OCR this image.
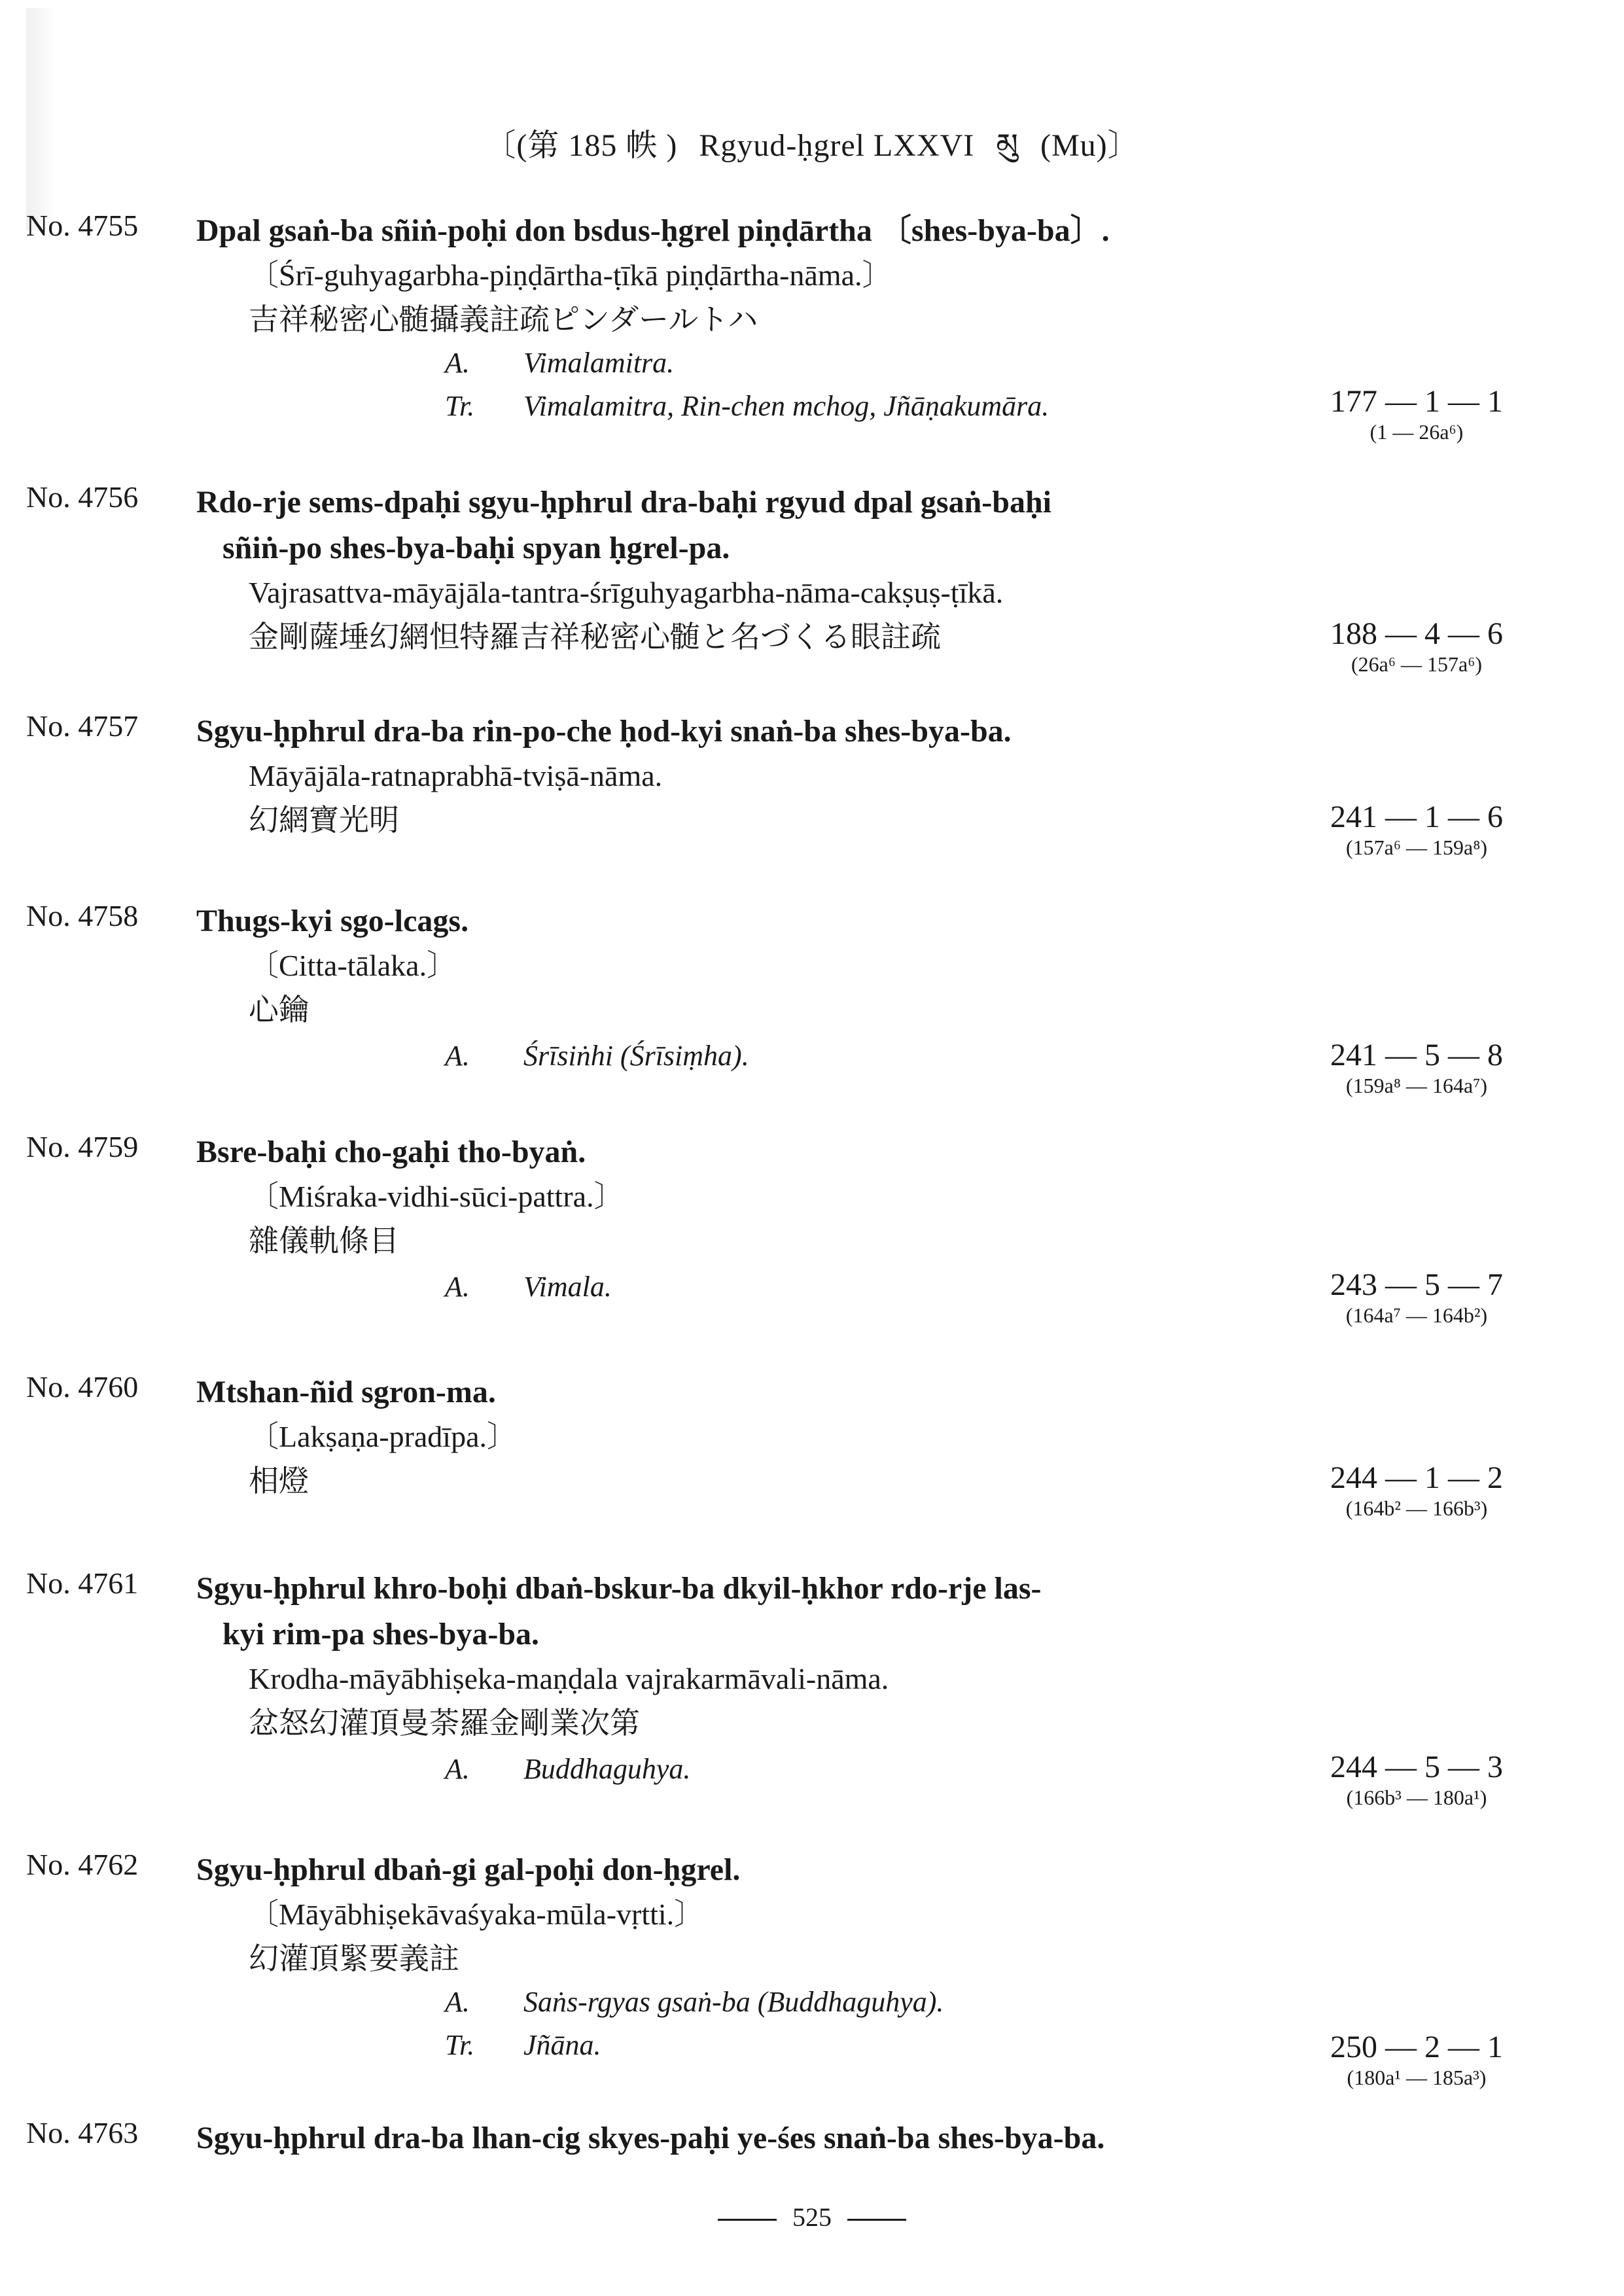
〔(第 185 帙 ) Rgyud-ḥgrel LXXVI མུ (Mu)〕
No. 4755	Dpal gsaṅ-ba sñiṅ-poḥi don bsdus-ḥgrel piṇḍārtha 〔shes-bya-ba〕.
〔Śrī-guhyagarbha-piṇḍārtha-ṭīkā piṇḍārtha-nāma.〕
吉祥秘密心髄攝義註疏ピンダールトハ
A. Vimalamitra.
Tr. Vimalamitra, Rin-chen mchog, Jñāṇakumāra.	177 — 1 — 1
(1 — 26a⁶)
No. 4756	Rdo-rje sems-dpaḥi sgyu-ḥphrul dra-baḥi rgyud dpal gsaṅ-baḥi
sñiṅ-po shes-bya-baḥi spyan ḥgrel-pa.
Vajrasattva-māyājāla-tantra-śrīguhyagarbha-nāma-cakṣuṣ-ṭīkā.
金剛薩埵幻網怛特羅吉祥秘密心髄と名づくる眼註疏	188 — 4 — 6
(26a⁶ — 157a⁶)
No. 4757	Sgyu-ḥphrul dra-ba rin-po-che ḥod-kyi snaṅ-ba shes-bya-ba.
Māyājāla-ratnaprabhā-tviṣā-nāma.
幻網寶光明	241 — 1 — 6
(157a⁶ — 159a⁸)
No. 4758	Thugs-kyi sgo-lcags.
〔Citta-tālaka.〕
心鑰
A. Śrīsiṅhi (Śrīsiṃha).	241 — 5 — 8
(159a⁸ — 164a⁷)
No. 4759	Bsre-baḥi cho-gaḥi tho-byaṅ.
〔Miśraka-vidhi-sūci-pattra.〕
雜儀軌條目
A. Vimala.	243 — 5 — 7
(164a⁷ — 164b²)
No. 4760	Mtshan-ñid sgron-ma.
〔Lakṣaṇa-pradīpa.〕
相燈	244 — 1 — 2
(164b² — 166b³)
No. 4761	Sgyu-ḥphrul khro-boḥi dbaṅ-bskur-ba dkyil-ḥkhor rdo-rje las-
kyi rim-pa shes-bya-ba.
Krodha-māyābhiṣeka-maṇḍala vajrakarmāvali-nāma.
忿怒幻灌頂曼荼羅金剛業次第
A. Buddhaguhya.	244 — 5 — 3
(166b³ — 180a¹)
No. 4762	Sgyu-ḥphrul dbaṅ-gi gal-poḥi don-ḥgrel.
〔Māyābhiṣekāvaśyaka-mūla-vṛtti.〕
幻灌頂緊要義註
A. Saṅs-rgyas gsaṅ-ba (Buddhaguhya).
Tr. Jñāna.	250 — 2 — 1
(180a¹ — 185a³)
No. 4763	Sgyu-ḥphrul dra-ba lhan-cig skyes-paḥi ye-śes snaṅ-ba shes-bya-ba.
525
